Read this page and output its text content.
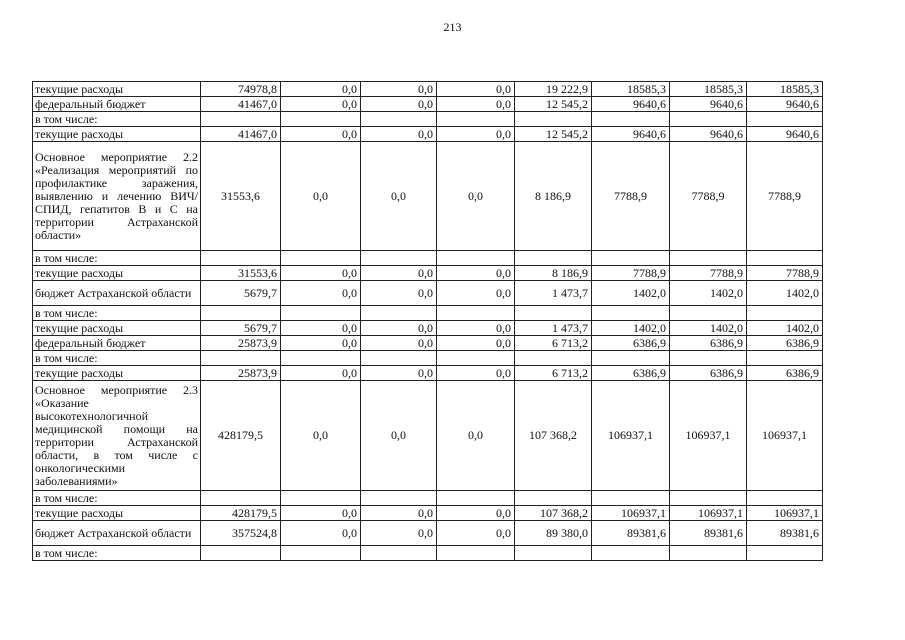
213
текущие расходы	74978,8	0,0	0,0	0,0	19 222,9	18585,3	18585,3	18585,3
федеральный бюджет	41467,0	0,0	0,0	0,0	12 545,2	9640,6	9640,6	9640,6
в том числе:								
текущие расходы	41467,0	0,0	0,0	0,0	12 545,2	9640,6	9640,6	9640,6
Основное мероприятие 2.2 «Реализация мероприятий по профилактике заражения, выявлению и лечению ВИЧ/СПИД, гепатитов В и С на территории Астраханской области»	31553,6	0,0	0,0	0,0	8 186,9	7788,9	7788,9	7788,9
в том числе:								
текущие расходы	31553,6	0,0	0,0	0,0	8 186,9	7788,9	7788,9	7788,9
бюджет Астраханской области	5679,7	0,0	0,0	0,0	1 473,7	1402,0	1402,0	1402,0
в том числе:								
текущие расходы	5679,7	0,0	0,0	0,0	1 473,7	1402,0	1402,0	1402,0
федеральный бюджет	25873,9	0,0	0,0	0,0	6 713,2	6386,9	6386,9	6386,9
в том числе:								
текущие расходы	25873,9	0,0	0,0	0,0	6 713,2	6386,9	6386,9	6386,9
Основное мероприятие 2.3 «Оказание высокотехнологичной медицинской помощи на территории Астраханской области, в том числе с онкологическими заболеваниями»	428179,5	0,0	0,0	0,0	107 368,2	106937,1	106937,1	106937,1
в том числе:								
текущие расходы	428179,5	0,0	0,0	0,0	107 368,2	106937,1	106937,1	106937,1
бюджет Астраханской области	357524,8	0,0	0,0	0,0	89 380,0	89381,6	89381,6	89381,6
в том числе:								
